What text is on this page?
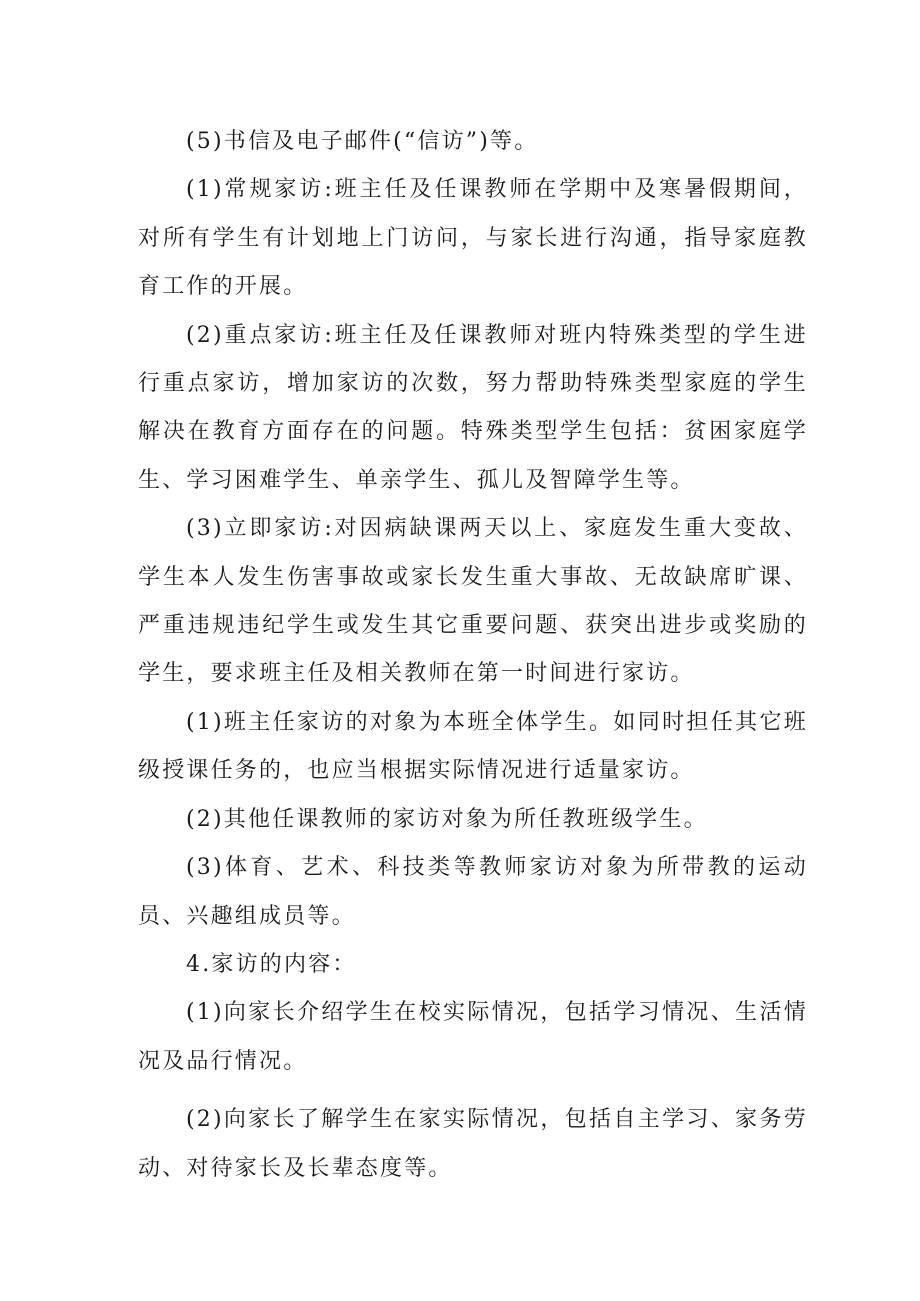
(5)书信及电子邮件(“信访”)等。

(1)常规家访:班主任及任课教师在学期中及寒暑假期间，对所有学生有计划地上门访问，与家长进行沟通，指导家庭教育工作的开展。

(2)重点家访:班主任及任课教师对班内特殊类型的学生进行重点家访，增加家访的次数，努力帮助特殊类型家庭的学生解决在教育方面存在的问题。特殊类型学生包括：贫困家庭学生、学习困难学生、单亲学生、孤儿及智障学生等。

(3)立即家访:对因病缺课两天以上、家庭发生重大变故、学生本人发生伤害事故或家长发生重大事故、无故缺席旷课、严重违规违纪学生或发生其它重要问题、获突出进步或奖励的学生，要求班主任及相关教师在第一时间进行家访。

(1)班主任家访的对象为本班全体学生。如同时担任其它班级授课任务的，也应当根据实际情况进行适量家访。

(2)其他任课教师的家访对象为所任教班级学生。

(3)体育、艺术、科技类等教师家访对象为所带教的运动员、兴趣组成员等。

4.家访的内容：

(1)向家长介绍学生在校实际情况，包括学习情况、生活情况及品行情况。

(2)向家长了解学生在家实际情况，包括自主学习、家务劳动、对待家长及长辈态度等。
